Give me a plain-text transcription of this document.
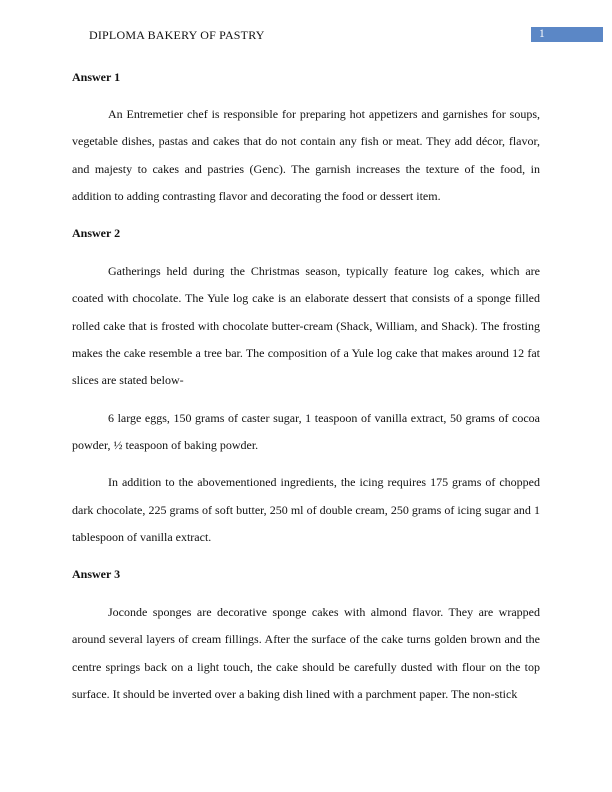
DIPLOMA BAKERY OF PASTRY	1

Answer 1

An Entremetier chef is responsible for preparing hot appetizers and garnishes for soups, vegetable dishes, pastas and cakes that do not contain any fish or meat. They add décor, flavor, and majesty to cakes and pastries (Genc). The garnish increases the texture of the food, in addition to adding contrasting flavor and decorating the food or dessert item.

Answer 2

Gatherings held during the Christmas season, typically feature log cakes, which are coated with chocolate. The Yule log cake is an elaborate dessert that consists of a sponge filled rolled cake that is frosted with chocolate butter-cream (Shack, William, and Shack). The frosting makes the cake resemble a tree bar. The composition of a Yule log cake that makes around 12 fat slices are stated below-

6 large eggs, 150 grams of caster sugar, 1 teaspoon of vanilla extract, 50 grams of cocoa powder, ½ teaspoon of baking powder.

In addition to the abovementioned ingredients, the icing requires 175 grams of chopped dark chocolate, 225 grams of soft butter, 250 ml of double cream, 250 grams of icing sugar and 1 tablespoon of vanilla extract.

Answer 3

Joconde sponges are decorative sponge cakes with almond flavor. They are wrapped around several layers of cream fillings. After the surface of the cake turns golden brown and the centre springs back on a light touch, the cake should be carefully dusted with flour on the top surface. It should be inverted over a baking dish lined with a parchment paper. The non-stick
